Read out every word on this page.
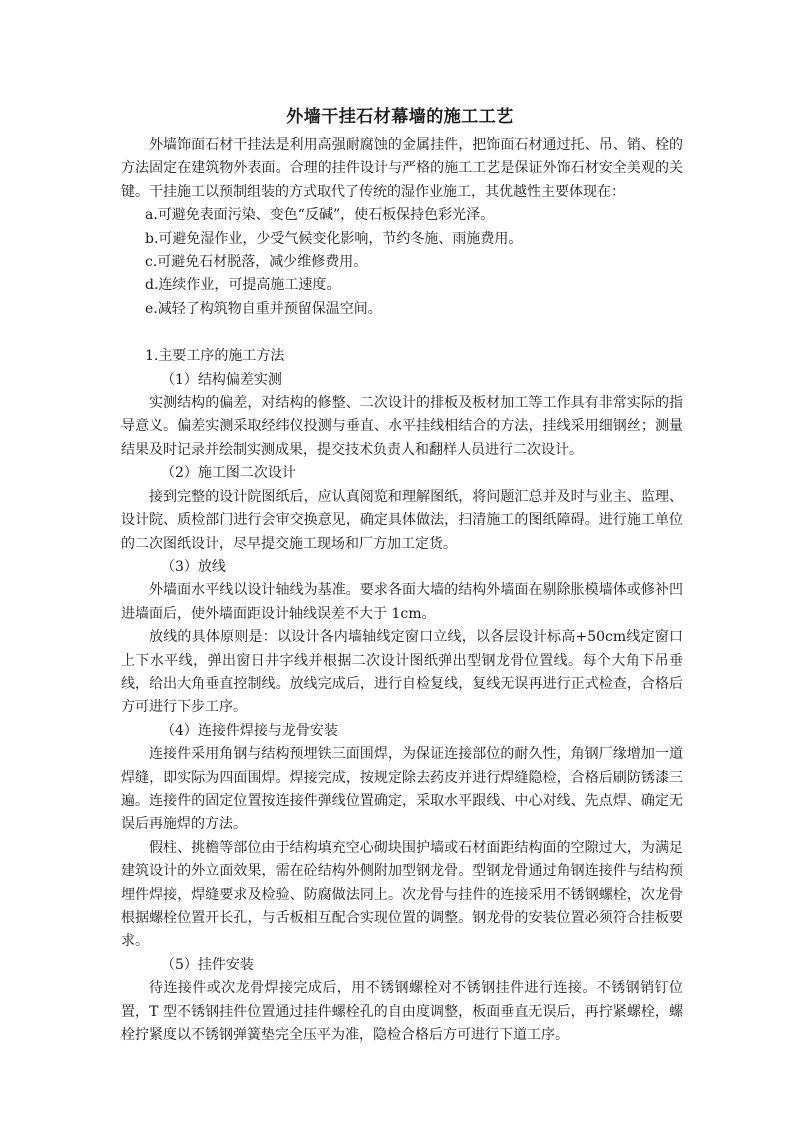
外墙干挂石材幕墙的施工工艺

外墙饰面石材干挂法是利用高强耐腐蚀的金属挂件，把饰面石材通过托、吊、销、栓的方法固定在建筑物外表面。合理的挂件设计与严格的施工工艺是保证外饰石材安全美观的关键。干挂施工以预制组装的方式取代了传统的湿作业施工，其优越性主要体现在：

a.可避免表面污染、变色“反碱”，使石板保持色彩光泽。

b.可避免湿作业，少受气候变化影响，节约冬施、雨施费用。

c.可避免石材脱落，减少维修费用。

d.连续作业，可提高施工速度。

e.减轻了构筑物自重并预留保温空间。

1.主要工序的施工方法

（1）结构偏差实测

实测结构的偏差，对结构的修整、二次设计的排板及板材加工等工作具有非常实际的指导意义。偏差实测采取经纬仪投测与垂直、水平挂线相结合的方法，挂线采用细钢丝；测量结果及时记录并绘制实测成果，提交技术负责人和翻样人员进行二次设计。

（2）施工图二次设计

接到完整的设计院图纸后，应认真阅览和理解图纸，将问题汇总并及时与业主、监理、设计院、质检部门进行会审交换意见，确定具体做法，扫清施工的图纸障碍。进行施工单位的二次图纸设计，尽早提交施工现场和厂方加工定货。

（3）放线

外墙面水平线以设计轴线为基准。要求各面大墙的结构外墙面在剔除胀模墙体或修补凹进墙面后，使外墙面距设计轴线误差不大于 1cm。

放线的具体原则是：以设计各内墙轴线定窗口立线，以各层设计标高+50cm线定窗口上下水平线，弹出窗日井字线并根据二次设计图纸弹出型钢龙骨位置线。每个大角下吊垂线，给出大角垂直控制线。放线完成后，进行自检复线，复线无误再进行正式检查，合格后方可进行下步工序。

（4）连接件焊接与龙骨安装

连接件采用角钢与结构预埋铁三面围焊，为保证连接部位的耐久性，角钢厂缘增加一道焊缝，即实际为四面围焊。焊接完成，按规定除去药皮并进行焊缝隐检，合格后刷防锈漆三遍。连接件的固定位置按连接件弹线位置确定，采取水平跟线、中心对线、先点焊、确定无误后再施焊的方法。

假柱、挑檐等部位由于结构填充空心砌块围护墙或石材面距结构面的空隙过大，为满足建筑设计的外立面效果，需在砼结构外侧附加型钢龙骨。型钢龙骨通过角钢连接件与结构预埋件焊接，焊缝要求及检验、防腐做法同上。次龙骨与挂件的连接采用不锈钢螺栓，次龙骨根据螺栓位置开长孔，与舌板相互配合实现位置的调整。钢龙骨的安装位置必须符合挂板要求。

（5）挂件安装

待连接件或次龙骨焊接完成后，用不锈钢螺栓对不锈钢挂件进行连接。不锈钢销钉位置，T 型不锈钢挂件位置通过挂件螺栓孔的自由度调整，板面垂直无误后，再拧紧螺栓，螺栓拧紧度以不锈钢弹簧垫完全压平为准，隐检合格后方可进行下道工序。
